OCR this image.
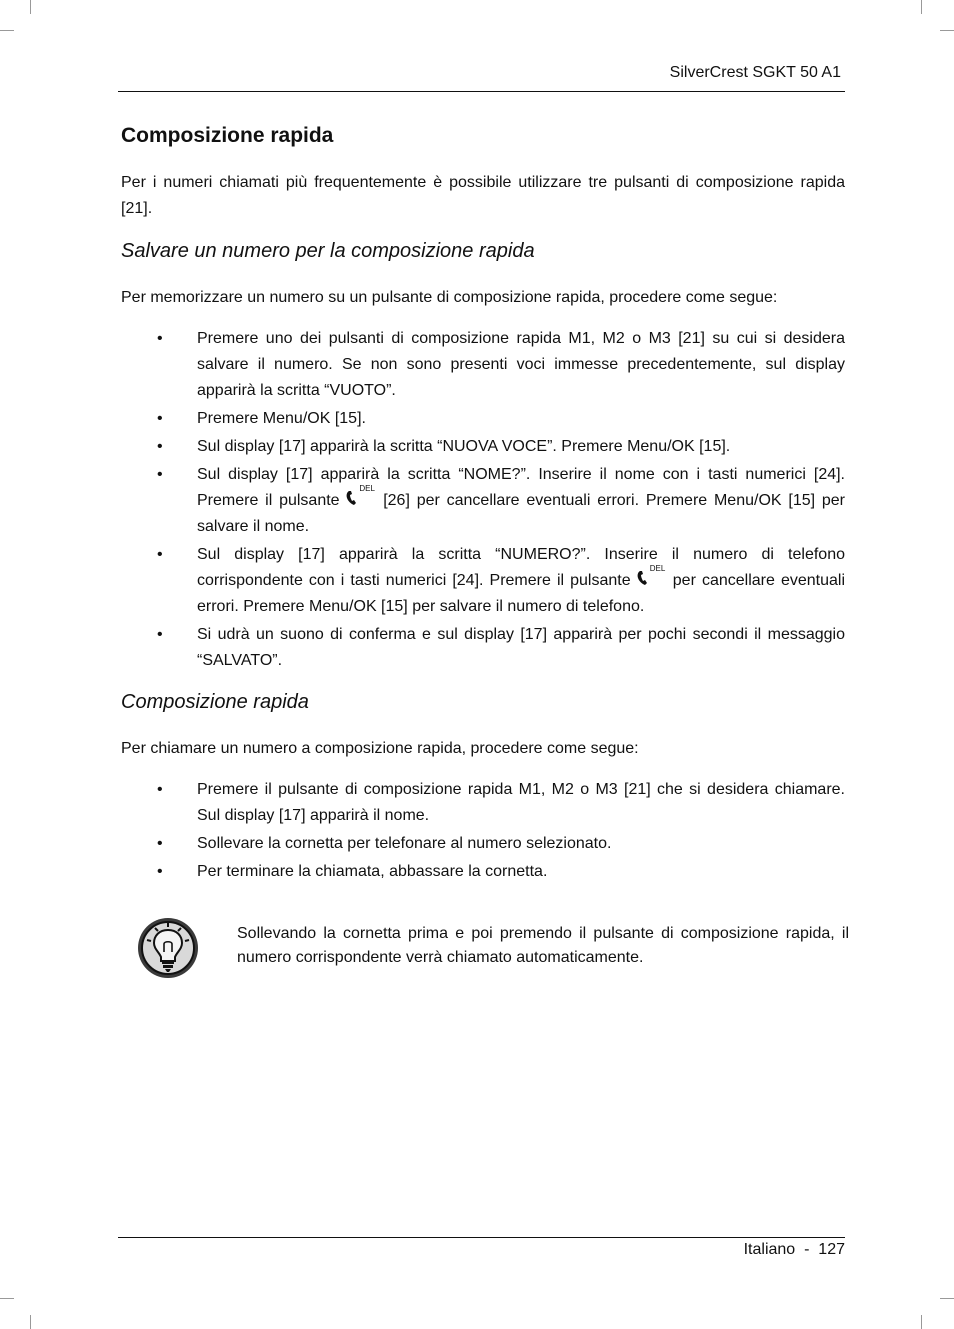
SilverCrest SGKT 50 A1
Composizione rapida

Per i numeri chiamati più frequentemente è possibile utilizzare tre pulsanti di composizione rapida [21].

Salvare un numero per la composizione rapida

Per memorizzare un numero su un pulsante di composizione rapida, procedere come segue:

• Premere uno dei pulsanti di composizione rapida M1, M2 o M3 [21] su cui si desidera salvare il numero. Se non sono presenti voci immesse precedentemente, sul display apparirà la scritta “VUOTO”.
• Premere Menu/OK [15].
• Sul display [17] apparirà la scritta “NUOVA VOCE”. Premere Menu/OK [15].
• Sul display [17] apparirà la scritta “NOME?”. Inserire il nome con i tasti numerici [24]. Premere il pulsante
DEL
[26] per cancellare eventuali errori. Premere Menu/OK [15] per salvare il nome.
• Sul display [17] apparirà la scritta “NUMERO?”. Inserire il numero di telefono corrispondente con i tasti numerici [24]. Premere il pulsante
DEL
per cancellare eventuali errori. Premere Menu/OK [15] per salvare il numero di telefono.
• Si udrà un suono di conferma e sul display [17] apparirà per pochi secondi il messaggio “SALVATO”.
Composizione rapida

Per chiamare un numero a composizione rapida, procedere come segue:

• Premere il pulsante di composizione rapida M1, M2 o M3 [21] che si desidera chiamare. Sul display [17] apparirà il nome.
• Sollevare la cornetta per telefonare al numero selezionato.
• Per terminare la chiamata, abbassare la cornetta.
Sollevando la cornetta prima e poi premendo il pulsante di composizione rapida, il numero corrispondente verrà chiamato automaticamente.
Italiano  -  127
